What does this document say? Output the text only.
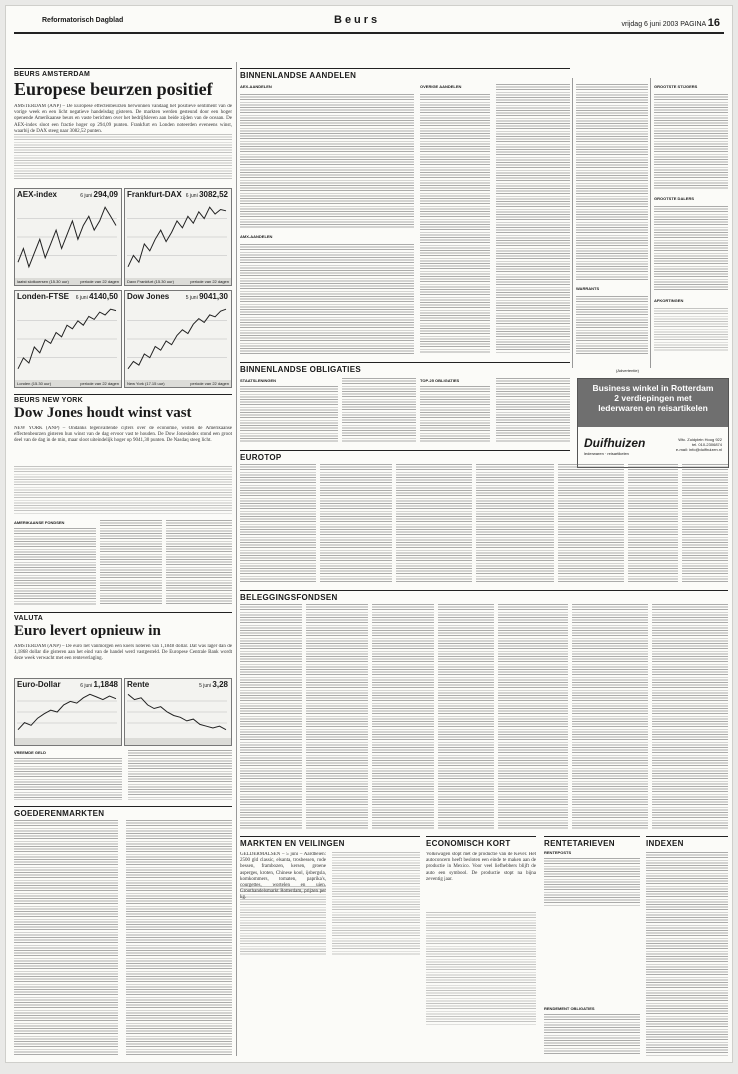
Reformatorisch Dagblad	Beurs	vrijdag 6 juni 2003 PAGINA 16
BEURS AMSTERDAM
Europese beurzen positief
AMSTERDAM (ANP) – De Europese effectenbeurzen herwonnen vandaag het positieve sentiment van de vorige week en een licht negatieve handelsdag gisteren. De markten werden gesteund door een hoger openende Amerikaanse beurs en vaste berichten over het bedrijfsleven aan beide zijden van de oceaan. De AEX-index sloot een fractie hoger op 294,09 punten. Frankfurt en Londen noteerden eveneens winst, waarbij de DAX steeg naar 3082,52 punten.
AEX-index	6 juni 294,09
laatst slotkoersen (15.30 uur)	periode van 22 dagen
Frankfurt-DAX 6 juni 3082,52
Daxx Frankfurt (15.30 uur)	periode van 22 dagen
Londen-FTSE 6 juni 4140,50
Londen (15.30 uur)	periode van 22 dagen
Dow Jones	5 juni 9041,30
New York (17.15 uur)	periode van 22 dagen
BEURS NEW YORK
Dow Jones houdt winst vast
NEW YORK (ANP) – Ondanks tegenvallende cijfers over de economie, wisten de Amerikaanse effectenbeurzen gisteren hun winst van de dag ervoor vast te houden. De Dow Jonesindex stond een groot deel van de dag in de min, maar sloot uiteindelijk hoger op 9041,30 punten. De Nasdaq steeg licht.
AMERIKAANSE FONDSEN
VALUTA
Euro levert opnieuw in
AMSTERDAM (ANP) – De euro liet vanmorgen een koers noteren van 1,1848 dollar. Dat was lager dan de 1,1868 dollar die gisteren aan het eind van de handel werd vastgesteld. De Europese Centrale Bank wordt deze week verwacht met een renteverlaging.
Euro-Dollar	6 juni 1,1848 Rente	5 juni 3,28
VREEMDE GELD
GOEDERENMARKTEN
BINNENLANDSE AANDELEN
AEX-AANDELEN
AMX-AANDELEN
OVERIGE AANDELEN	GROOTSTE STIJGERS
GROOTSTE DALERS
AFKORTINGEN
WARRANTS
(Advertentie)
Business winkel in Rotterdam
2 verdiepingen met
lederwaren en reisartikelen
Duifhuizen
lederwaren · reisartikelen
Wtc. Zuidplein Hoog 922
tel. 010-2306874
e-mail: info@duifhuizen.nl
BINNENLANDSE OBLIGATIES
STAATSLENINGEN	TOP-25 OBLIGATIES
EUROTOP
BELEGGINGSFONDSEN
MARKTEN EN VEILINGEN
GELDERMALSEN – 5 juni – Aardbeien: 2500 gld classic, elsanta, trosbessen, rode bessen, frambozen, kersen, groene asperges, kroten, Chinese kool, ijsbergsla, komkommers, tomaten, paprika's, courgettes, wortelen en uien. Groothandelsmarkt Rotterdam, prijzen per kg.
ECONOMISCH KORT
Volkswagen stopt met de productie van de Kever. Het autoconcern heeft besloten een einde te maken aan de productie in Mexico. Voor veel liefhebbers blijft de auto een symbool. De productie stopt na bijna zeventig jaar.
RENTETARIEVEN
RENTEPOSTS
RENDEMENT OBLIGATIES
INDEXEN
